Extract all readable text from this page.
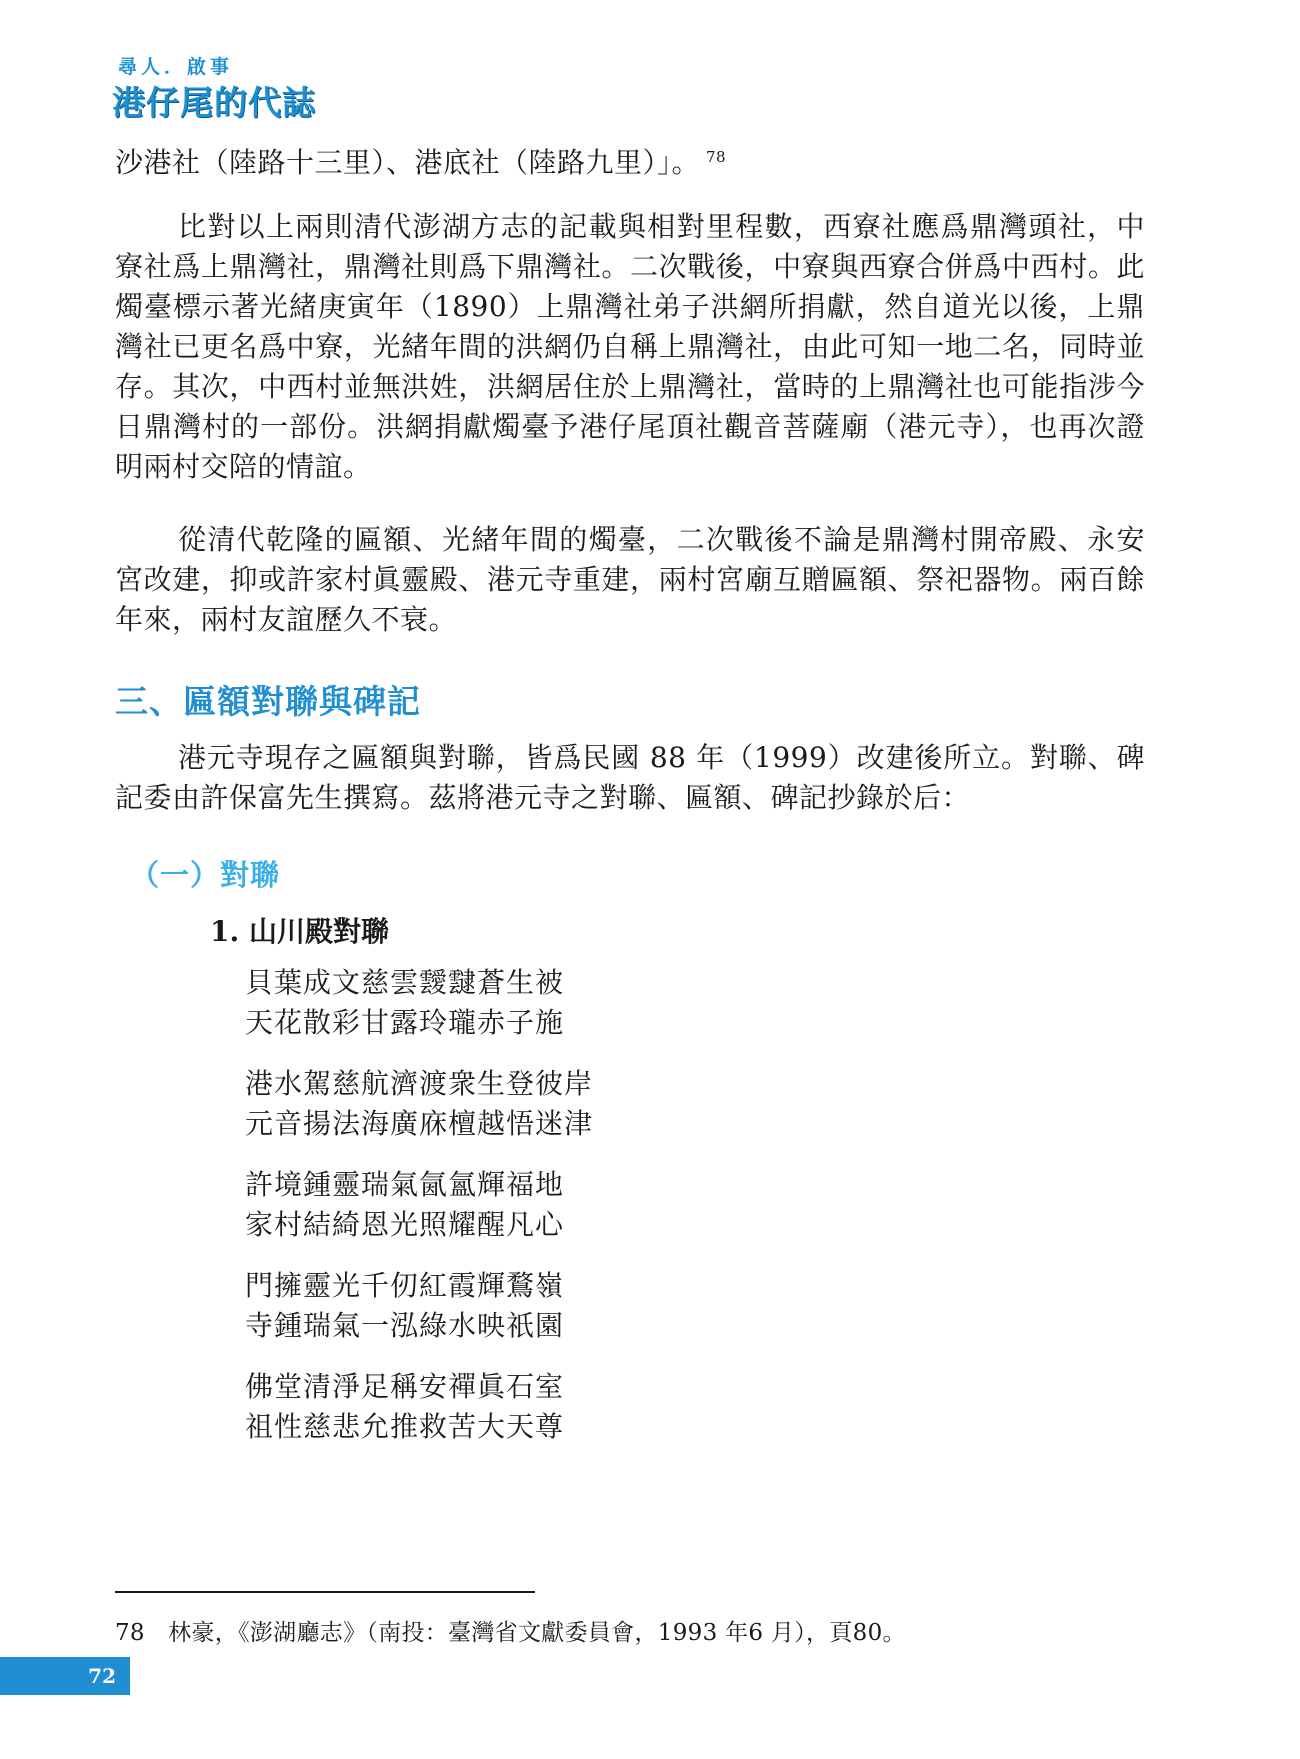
尋人．啟事
港仔尾的代誌

沙港社（陸路十三里）、港底社（陸路九里）」。 $^{78}$

比對以上兩則清代澎湖方志的記載與相對里程數，西寮社應爲鼎灣頭社，中寮社爲上鼎灣社，鼎灣社則爲下鼎灣社。二次戰後，中寮與西寮合併爲中西村。此燭臺標示著光緒庚寅年（1890）上鼎灣社弟子洪網所捐獻，然自道光以後，上鼎灣社已更名爲中寮，光緒年間的洪網仍自稱上鼎灣社，由此可知一地二名，同時並存。其次，中西村並無洪姓，洪網居住於上鼎灣社，當時的上鼎灣社也可能指涉今日鼎灣村的一部份。洪網捐獻燭臺予港仔尾頂社觀音菩薩廟（港元寺），也再次證明兩村交陪的情誼。

從清代乾隆的匾額、光緒年間的燭臺，二次戰後不論是鼎灣村開帝殿、永安宮改建，抑或許家村眞靈殿、港元寺重建，兩村宮廟互贈匾額、祭祀器物。兩百餘年來，兩村友誼歷久不衰。

三、匾額對聯與碑記

港元寺現存之匾額與對聯，皆爲民國 88 年（1999）改建後所立。對聯、碑記委由許保富先生撰寫。茲將港元寺之對聯、匾額、碑記抄錄於后：

（一）對聯
1. 山川殿對聯
貝葉成文慈雲靉靆蒼生被
天花散彩甘露玲瓏赤子施
港水駕慈航濟渡衆生登彼岸
元音揚法海廣庥檀越悟迷津
許境鍾靈瑞氣氤氳輝福地
家村結綺恩光照耀醒凡心
門擁靈光千仞紅霞輝鶩嶺
寺鍾瑞氣一泓綠水映祇園
佛堂清淨足稱安禪眞石室
祖性慈悲允推救苦大天尊
78　林豪，《澎湖廳志》（南投：臺灣省文獻委員會，1993 年6 月），頁80。
72
